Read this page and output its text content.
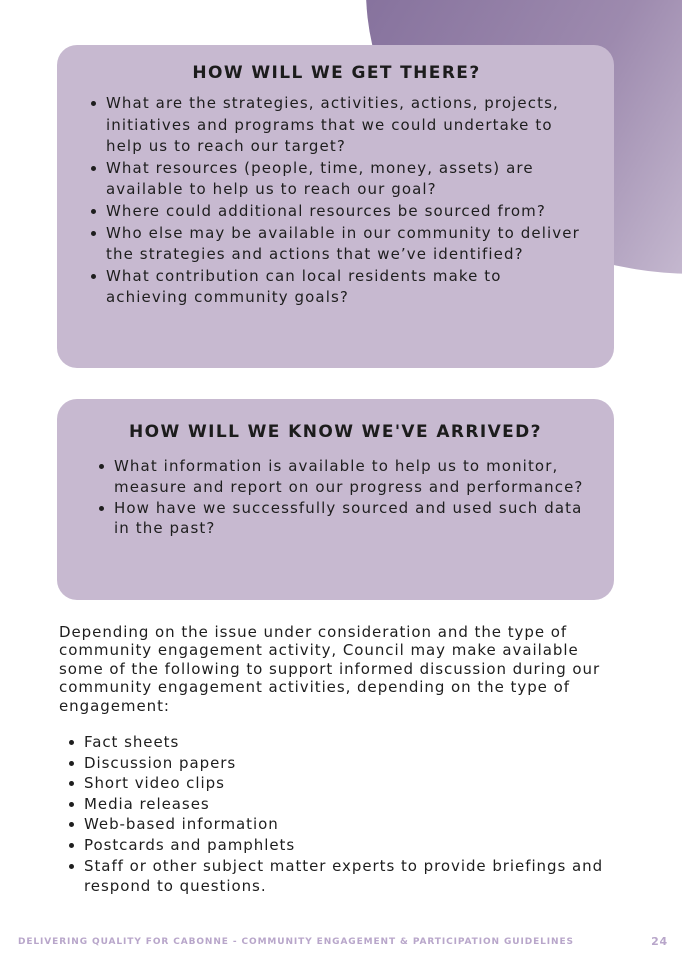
HOW WILL WE GET THERE?
What are the strategies, activities, actions, projects, initiatives and programs that we could undertake to help us to reach our target?
What resources (people, time, money, assets) are available to help us to reach our goal?
Where could additional resources be sourced from?
Who else may be available in our community to deliver the strategies and actions that we’ve identified?
What contribution can local residents make to achieving community goals?
HOW WILL WE KNOW WE'VE ARRIVED?
What information is available to help us to monitor, measure and report on our progress and performance?
How have we successfully sourced and used such data in the past?

Depending on the issue under consideration and the type of community engagement activity, Council may make available some of the following to support informed discussion during our community engagement activities, depending on the type of engagement:

Fact sheets
Discussion papers
Short video clips
Media releases
Web-based information
Postcards and pamphlets
Staff or other subject matter experts to provide briefings and respond to questions.
DELIVERING QUALITY FOR CABONNE - COMMUNITY ENGAGEMENT & PARTICIPATION GUIDELINES	24
